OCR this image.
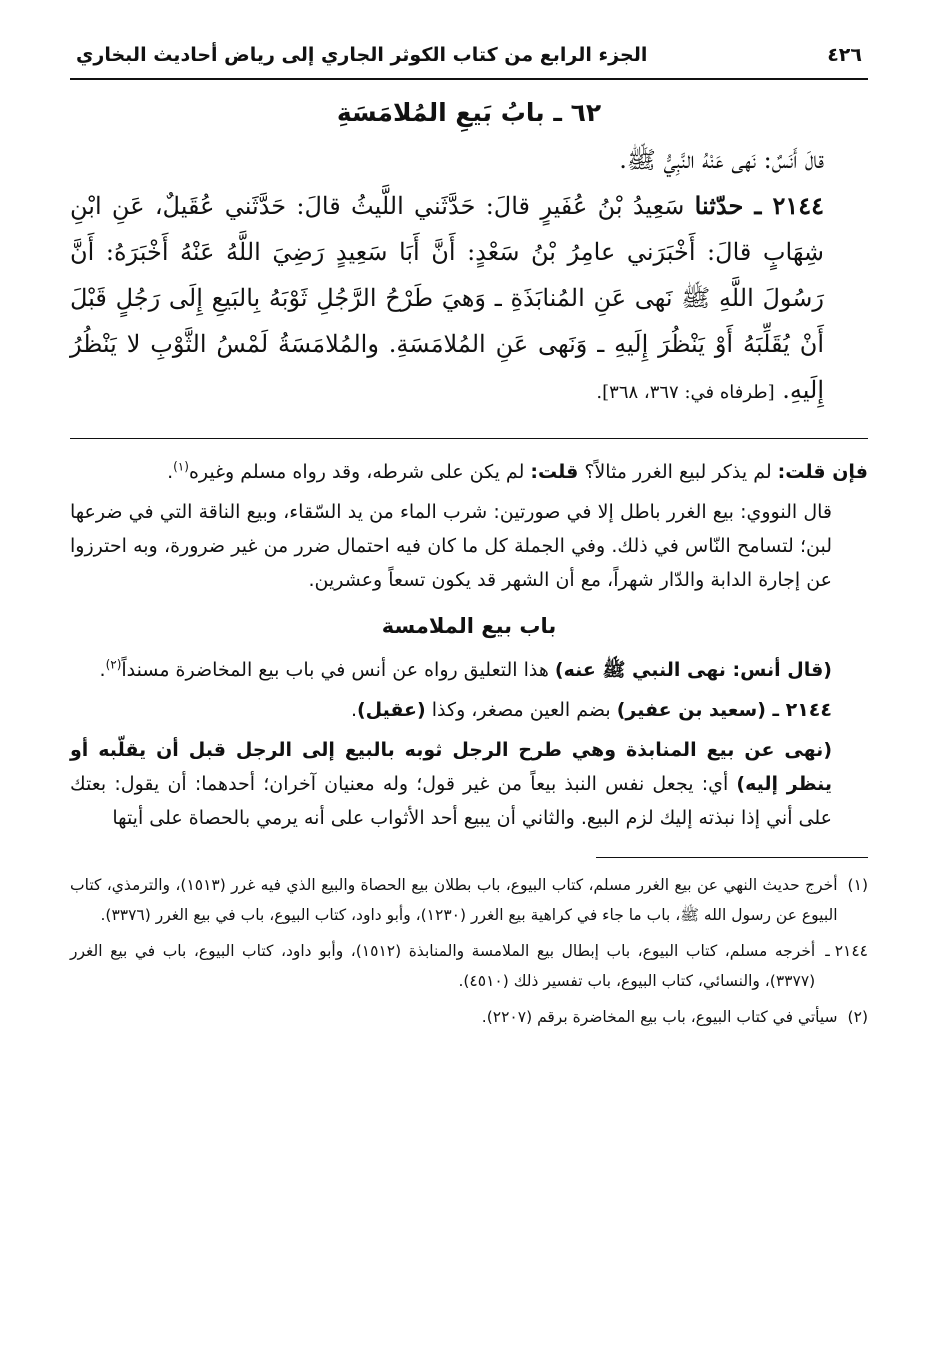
٤٢٦
الجزء الرابع من كتاب الكوثر الجاري إلى رياض أحاديث البخاري
٦٢ ـ بابُ بَيعِ المُلامَسَةِ

قالَ أَنَسٌ: نَهى عَنْهُ النَّبِيُّ ﷺ.

٢١٤٤ ـ حدّثنا سَعِيدُ بْنُ عُفَيرٍ قالَ: حَدَّثَني اللَّيثُ قالَ: حَدَّثَني عُقَيلٌ، عَنِ ابْنِ شِهَابٍ قالَ: أَخْبَرَني عامِرُ بْنُ سَعْدٍ: أَنَّ أَبَا سَعِيدٍ رَضِيَ اللَّهُ عَنْهُ أَخْبَرَهُ: أَنَّ رَسُولَ اللَّهِ ﷺ نَهى عَنِ المُنابَذَةِ ـ وَهيَ طَرْحُ الرَّجُلِ ثَوْبَهُ بِالبَيعِ إِلَى رَجُلٍ قَبْلَ أَنْ يُقَلِّبَهُ أَوْ يَنْظُرَ إِلَيهِ ـ وَنَهى عَنِ المُلامَسَةِ. والمُلامَسَةُ لَمْسُ الثَّوْبِ لا يَنْظُرُ إِلَيهِ. [طرفاه في: ٣٦٧، ٣٦٨].

فإن قلت: لم يذكر لبيع الغرر مثالاً؟ قلت: لم يكن على شرطه، وقد رواه مسلم وغيره$^{(١)}$.

قال النووي: بيع الغرر باطل إلا في صورتين: شرب الماء من يد السّقاء، وبيع الناقة التي في ضرعها لبن؛ لتسامح النّاس في ذلك. وفي الجملة كل ما كان فيه احتمال ضرر من غير ضرورة، وبه احترزوا عن إجارة الدابة والدّار شهراً، مع أن الشهر قد يكون تسعاً وعشرين.

باب بيع الملامسة

(قال أنس: نهى النبي ﷺ عنه) هذا التعليق رواه عن أنس في باب بيع المخاضرة مسنداً$^{(٢)}$.

٢١٤٤ ـ (سعيد بن عفير) بضم العين مصغر، وكذا (عقيل).

(نهى عن بيع المنابذة وهي طرح الرجل ثوبه بالبيع إلى الرجل قبل أن يقلّبه أو ينظر إليه) أي: يجعل نفس النبذ بيعاً من غير قول؛ وله معنيان آخران؛ أحدهما: أن يقول: بعتك على أني إذا نبذته إليك لزم البيع. والثاني أن يبيع أحد الأثواب على أنه يرمي بالحصاة على أيتها

(١)
أخرج حديث النهي عن بيع الغرر مسلم، كتاب البيوع، باب بطلان بيع الحصاة والبيع الذي فيه غرر (١٥١٣)، والترمذي، كتاب البيوع عن رسول الله ﷺ، باب ما جاء في كراهية بيع الغرر (١٢٣٠)، وأبو داود، كتاب البيوع، باب في بيع الغرر (٣٣٧٦).
٢١٤٤ ـ
أخرجه مسلم، كتاب البيوع، باب إبطال بيع الملامسة والمنابذة (١٥١٢)، وأبو داود، كتاب البيوع، باب في بيع الغرر (٣٣٧٧)، والنسائي، كتاب البيوع، باب تفسير ذلك (٤٥١٠).
(٢)
سيأتي في كتاب البيوع، باب بيع المخاضرة برقم (٢٢٠٧).
